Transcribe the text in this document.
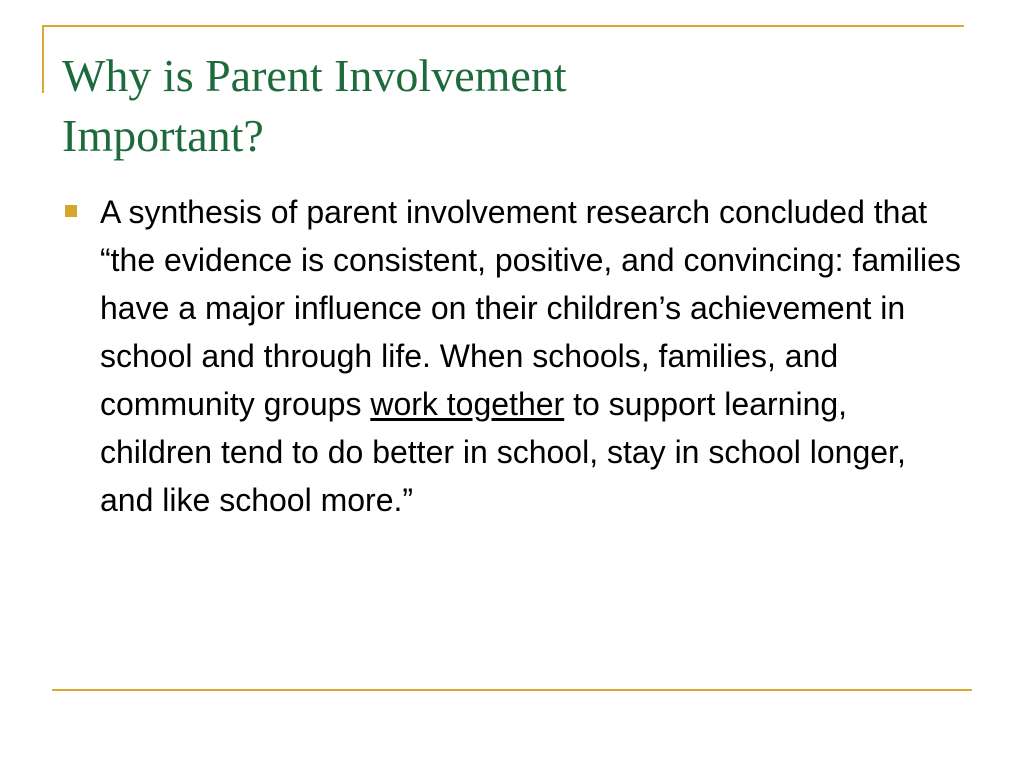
Why is Parent Involvement
Important?

A synthesis of parent involvement research concluded that “the evidence is consistent, positive, and convincing: families have a major influence on their children’s achievement in school and through life. When schools, families, and community groups work together to support learning, children tend to do better in school, stay in school longer, and like school more.”
